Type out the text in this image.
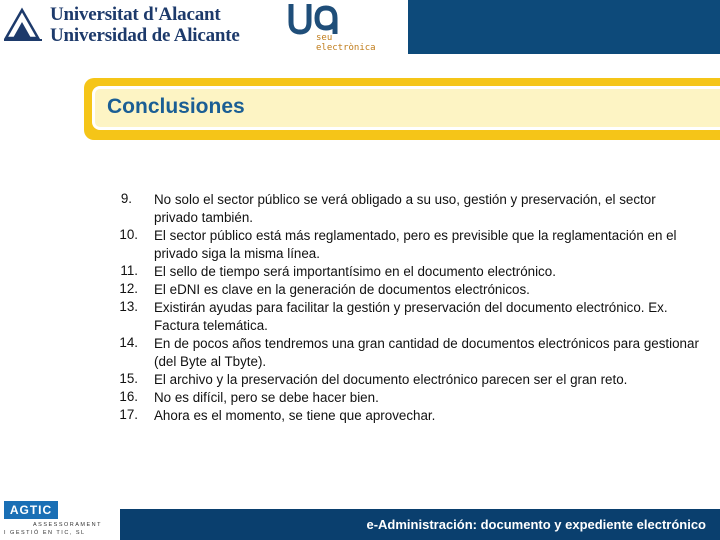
Universitat d'Alacant
Universidad de Alicante	seu
electrònica
Conclusiones
9. No solo el sector público se verá obligado a su uso, gestión y preservación, el sector privado también.
10. El sector público está más reglamentado, pero es previsible que la reglamentación en el privado siga la misma línea.
11. El sello de tiempo será importantísimo en el documento electrónico.
12. El eDNI es clave en la generación de documentos electrónicos.
13. Existirán ayudas para facilitar la gestión y preservación del documento electrónico. Ex. Factura telemática.
14. En de pocos años tendremos una gran cantidad de documentos electrónicos para gestionar (del Byte al Tbyte).
15. El archivo y la preservación del documento electrónico parecen ser el gran reto.
16. No es difícil, pero se debe hacer bien.
17. Ahora es el momento, se tiene que aprovechar.
AGTIC
ASSESSORAMENT
I GESTIÓ EN TIC, SL
e-Administración: documento y expediente electrónico
